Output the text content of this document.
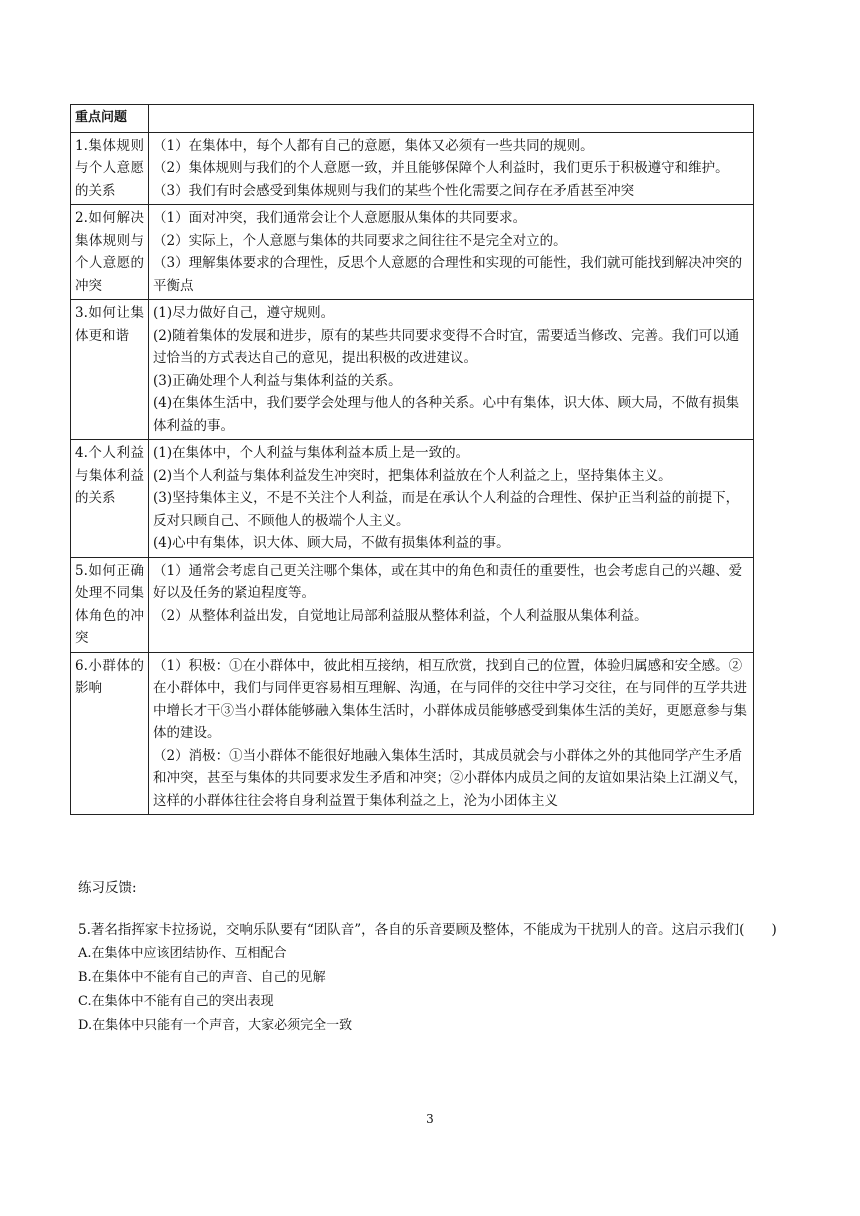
重点问题	
1.集体规则与个人意愿的关系	（1）在集体中，每个人都有自己的意愿，集体又必须有一些共同的规则。

（2）集体规则与我们的个人意愿一致，并且能够保障个人利益时，我们更乐于积极遵守和维护。

（3）我们有时会感受到集体规则与我们的某些个性化需要之间存在矛盾甚至冲突

2.如何解决集体规则与个人意愿的冲突	（1）面对冲突，我们通常会让个人意愿服从集体的共同要求。

（2）实际上，个人意愿与集体的共同要求之间往往不是完全对立的。

（3）理解集体要求的合理性，反思个人意愿的合理性和实现的可能性，我们就可能找到解决冲突的平衡点

3.如何让集体更和谐	(1)尽力做好自己，遵守规则。

(2)随着集体的发展和进步，原有的某些共同要求变得不合时宜，需要适当修改、完善。我们可以通过恰当的方式表达自己的意见，提出积极的改进建议。

(3)正确处理个人利益与集体利益的关系。

(4)在集体生活中，我们要学会处理与他人的各种关系。心中有集体，识大体、顾大局，不做有损集体利益的事。

4.个人利益与集体利益的关系	(1)在集体中，个人利益与集体利益本质上是一致的。

(2)当个人利益与集体利益发生冲突时，把集体利益放在个人利益之上，坚持集体主义。

(3)坚持集体主义，不是不关注个人利益，而是在承认个人利益的合理性、保护正当利益的前提下，反对只顾自己、不顾他人的极端个人主义。

(4)心中有集体，识大体、顾大局，不做有损集体利益的事。

5.如何正确处理不同集体角色的冲突	（1）通常会考虑自己更关注哪个集体，或在其中的角色和责任的重要性，也会考虑自己的兴趣、爱好以及任务的紧迫程度等。

（2）从整体利益出发，自觉地让局部利益服从整体利益，个人利益服从集体利益。

6.小群体的影响	（1）积极：①在小群体中，彼此相互接纳，相互欣赏，找到自己的位置，体验归属感和安全感。②在小群体中，我们与同伴更容易相互理解、沟通，在与同伴的交往中学习交往，在与同伴的互学共进中增长才干③当小群体能够融入集体生活时，小群体成员能够感受到集体生活的美好，更愿意参与集体的建设。

（2）消极：①当小群体不能很好地融入集体生活时，其成员就会与小群体之外的其他同学产生矛盾和冲突，甚至与集体的共同要求发生矛盾和冲突；②小群体内成员之间的友谊如果沾染上江湖义气，这样的小群体往往会将自身利益置于集体利益之上，沦为小团体主义

练习反馈:

5.著名指挥家卡拉扬说，交响乐队要有“团队音”，各自的乐音要顾及整体，不能成为干扰别人的音。这启示我们(　　)

A.在集体中应该团结协作、互相配合

B.在集体中不能有自己的声音、自己的见解

C.在集体中不能有自己的突出表现

D.在集体中只能有一个声音，大家必须完全一致

3
